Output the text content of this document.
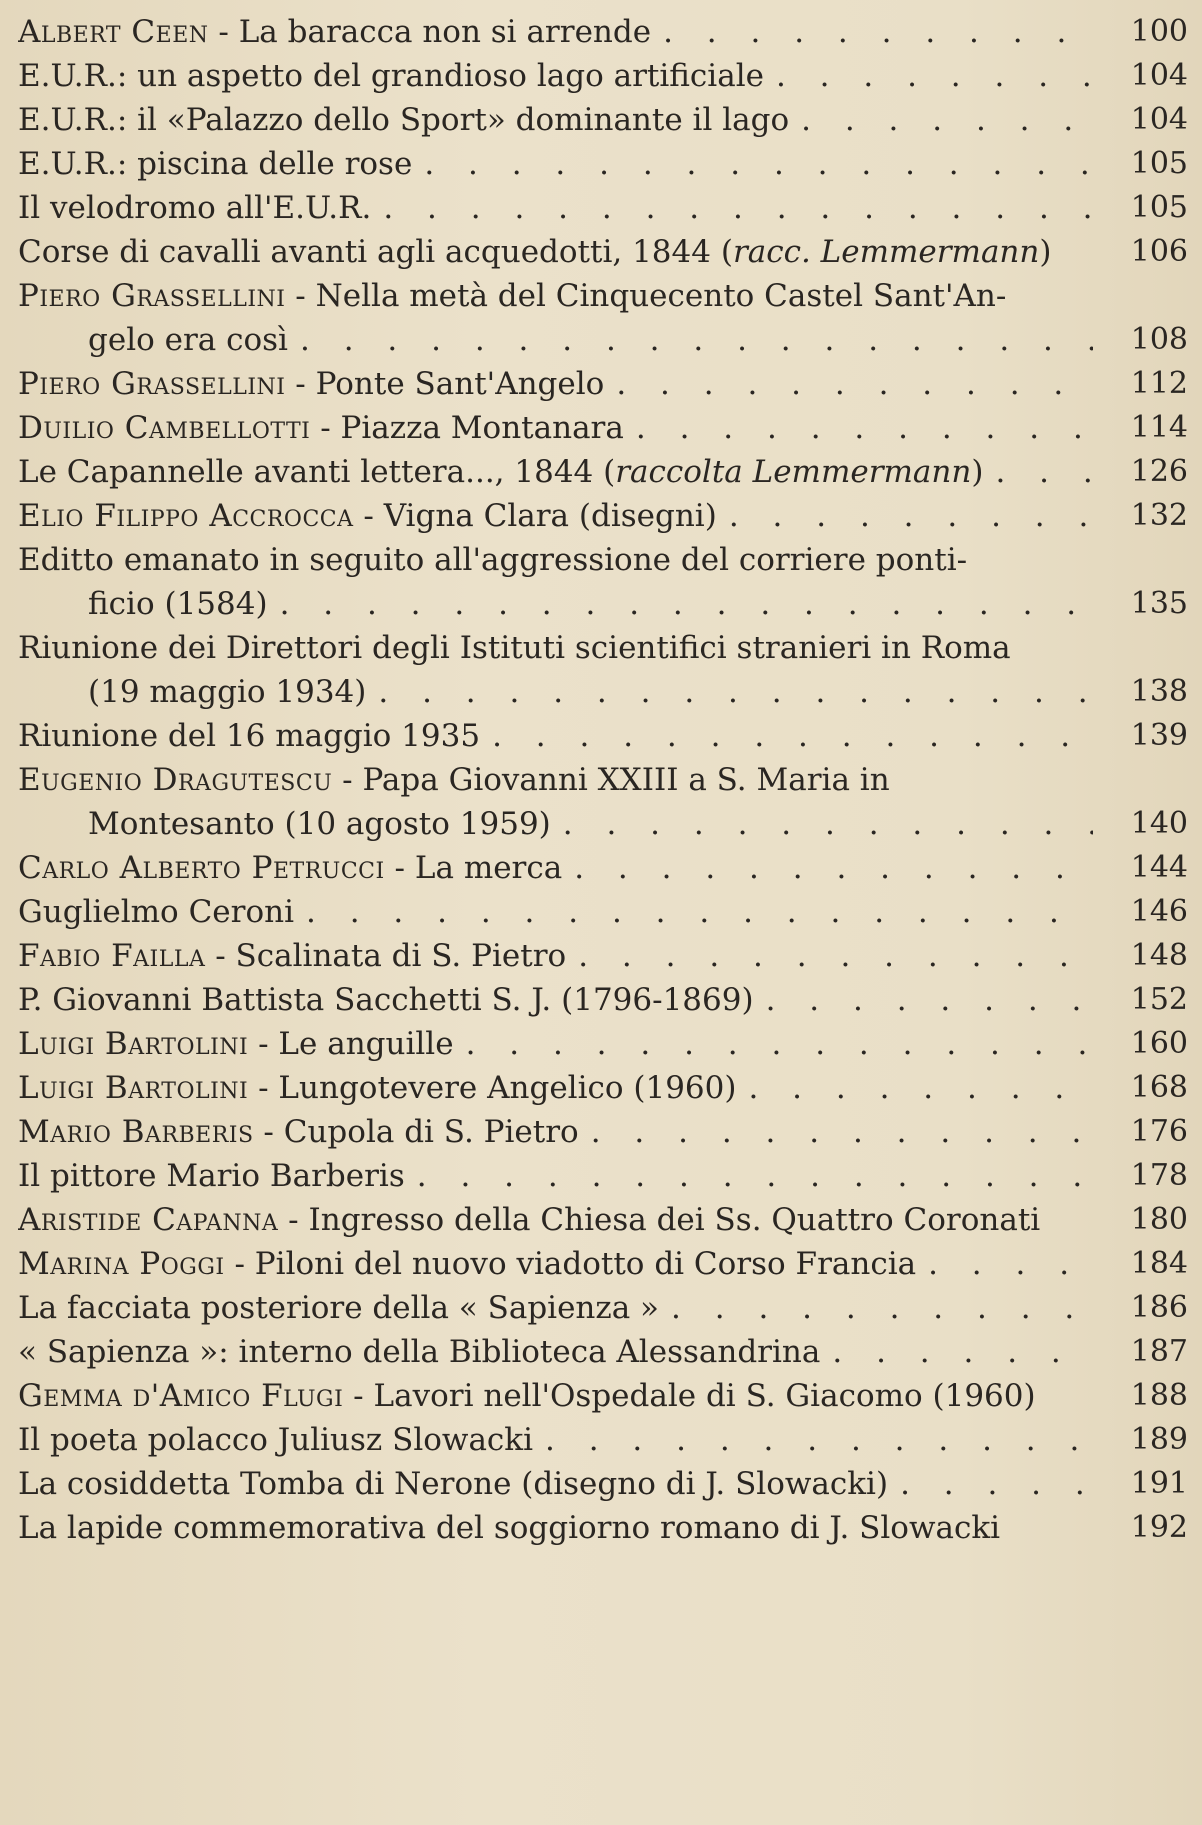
Albert Ceen - La baracca non si arrende . . .	100
E.U.R.: un aspetto del grandioso lago artificiale . . .	104
E.U.R.: il «Palazzo dello Sport» dominante il lago . . .	104
E.U.R.: piscina delle rose . . .	105
Il velodromo all'E.U.R. . . .	105
Corse di cavalli avanti agli acquedotti, 1844 (racc. Lemmermann)	106
Piero Grassellini - Nella metà del Cinquecento Castel Sant'An-
gelo era così . . .	108
Piero Grassellini - Ponte Sant'Angelo . . .	112
Duilio Cambellotti - Piazza Montanara . . .	114
Le Capannelle avanti lettera..., 1844 (raccolta Lemmermann) . . .	126
Elio Filippo Accrocca - Vigna Clara (disegni) . . .	132
Editto emanato in seguito all'aggressione del corriere ponti-
ficio (1584) . . .	135
Riunione dei Direttori degli Istituti scientifici stranieri in Roma
(19 maggio 1934) . . .	138
Riunione del 16 maggio 1935 . . .	139
Eugenio Dragutescu - Papa Giovanni XXIII a S. Maria in
Montesanto (10 agosto 1959) . . .	140
Carlo Alberto Petrucci - La merca . . .	144
Guglielmo Ceroni . . .	146
Fabio Failla - Scalinata di S. Pietro . . .	148
P. Giovanni Battista Sacchetti S. J. (1796-1869) . . .	152
Luigi Bartolini - Le anguille . . .	160
Luigi Bartolini - Lungotevere Angelico (1960) . . .	168
Mario Barberis - Cupola di S. Pietro . . .	176
Il pittore Mario Barberis . . .	178
Aristide Capanna - Ingresso della Chiesa dei Ss. Quattro Coronati	180
Marina Poggi - Piloni del nuovo viadotto di Corso Francia . . .	184
La facciata posteriore della « Sapienza » . . .	186
« Sapienza »: interno della Biblioteca Alessandrina . . .	187
Gemma d'Amico Flugi - Lavori nell'Ospedale di S. Giacomo (1960)	188
Il poeta polacco Juliusz Slowacki . . .	189
La cosiddetta Tomba di Nerone (disegno di J. Slowacki) . . .	191
La lapide commemorativa del soggiorno romano di J. Slowacki	192
